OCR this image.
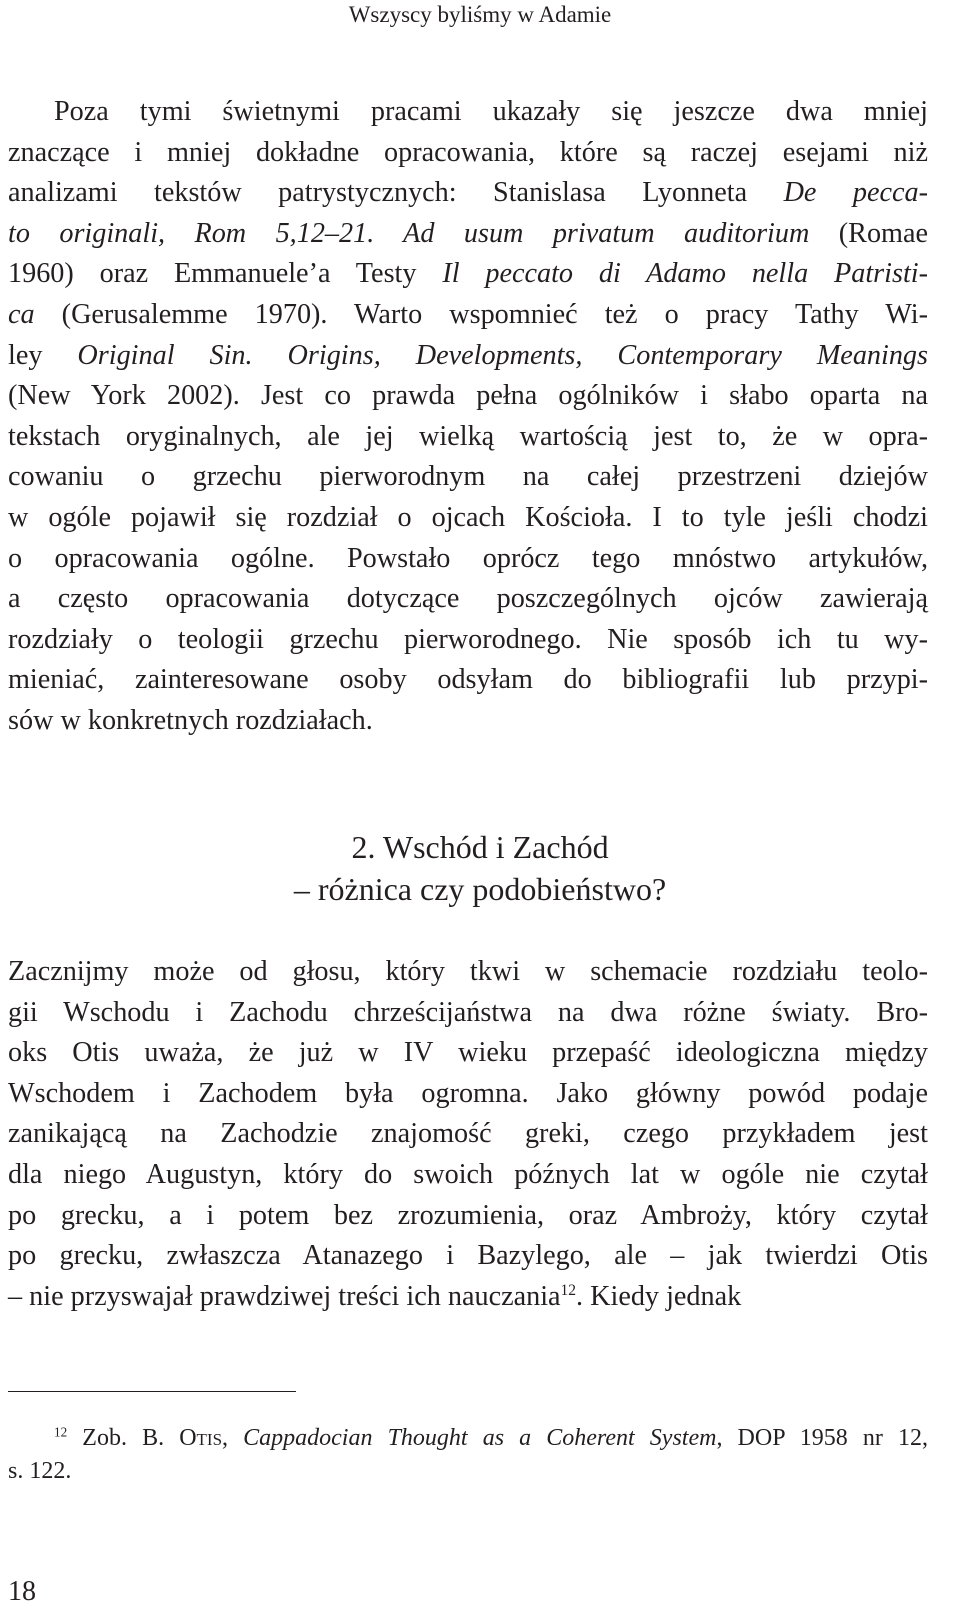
Wszyscy byliśmy w Adamie

Poza tymi świetnymi pracami ukazały się jeszcze dwa mniej
znaczące i mniej dokładne opracowania, które są raczej esejami niż
analizami tekstów patrystycznych: Stanislasa Lyonneta De pecca-
to originali, Rom 5,12–21. Ad usum privatum auditorium (Romae
1960) oraz Emmanuele’a Testy Il peccato di Adamo nella Patristi-
ca (Gerusalemme 1970). Warto wspomnieć też o pracy Tathy Wi-
ley Original Sin. Origins, Developments, Contemporary Meanings
(New York 2002). Jest co prawda pełna ogólników i słabo oparta na
tekstach oryginalnych, ale jej wielką wartością jest to, że w opra-
cowaniu o grzechu pierworodnym na całej przestrzeni dziejów
w ogóle pojawił się rozdział o ojcach Kościoła. I to tyle jeśli chodzi
o opracowania ogólne. Powstało oprócz tego mnóstwo artykułów,
a często opracowania dotyczące poszczególnych ojców zawierają
rozdziały o teologii grzechu pierworodnego. Nie sposób ich tu wy-
mieniać, zainteresowane osoby odsyłam do bibliografii lub przypi-
sów w konkretnych rozdziałach.

2. Wschód i Zachód
– różnica czy podobieństwo?

Zacznijmy może od głosu, który tkwi w schemacie rozdziału teolo-
gii Wschodu i Zachodu chrześcijaństwa na dwa różne światy. Bro-
oks Otis uważa, że już w IV wieku przepaść ideologiczna między
Wschodem i Zachodem była ogromna. Jako główny powód podaje
zanikającą na Zachodzie znajomość greki, czego przykładem jest
dla niego Augustyn, który do swoich późnych lat w ogóle nie czytał
po grecku, a i potem bez zrozumienia, oraz Ambroży, który czytał
po grecku, zwłaszcza Atanazego i Bazylego, ale – jak twierdzi Otis
– nie przyswajał prawdziwej treści ich nauczania$^{12}$. Kiedy jednak

$^{12}$ Zob. B. Otis, Cappadocian Thought as a Coherent System, DOP 1958 nr 12,
s. 122.

18
